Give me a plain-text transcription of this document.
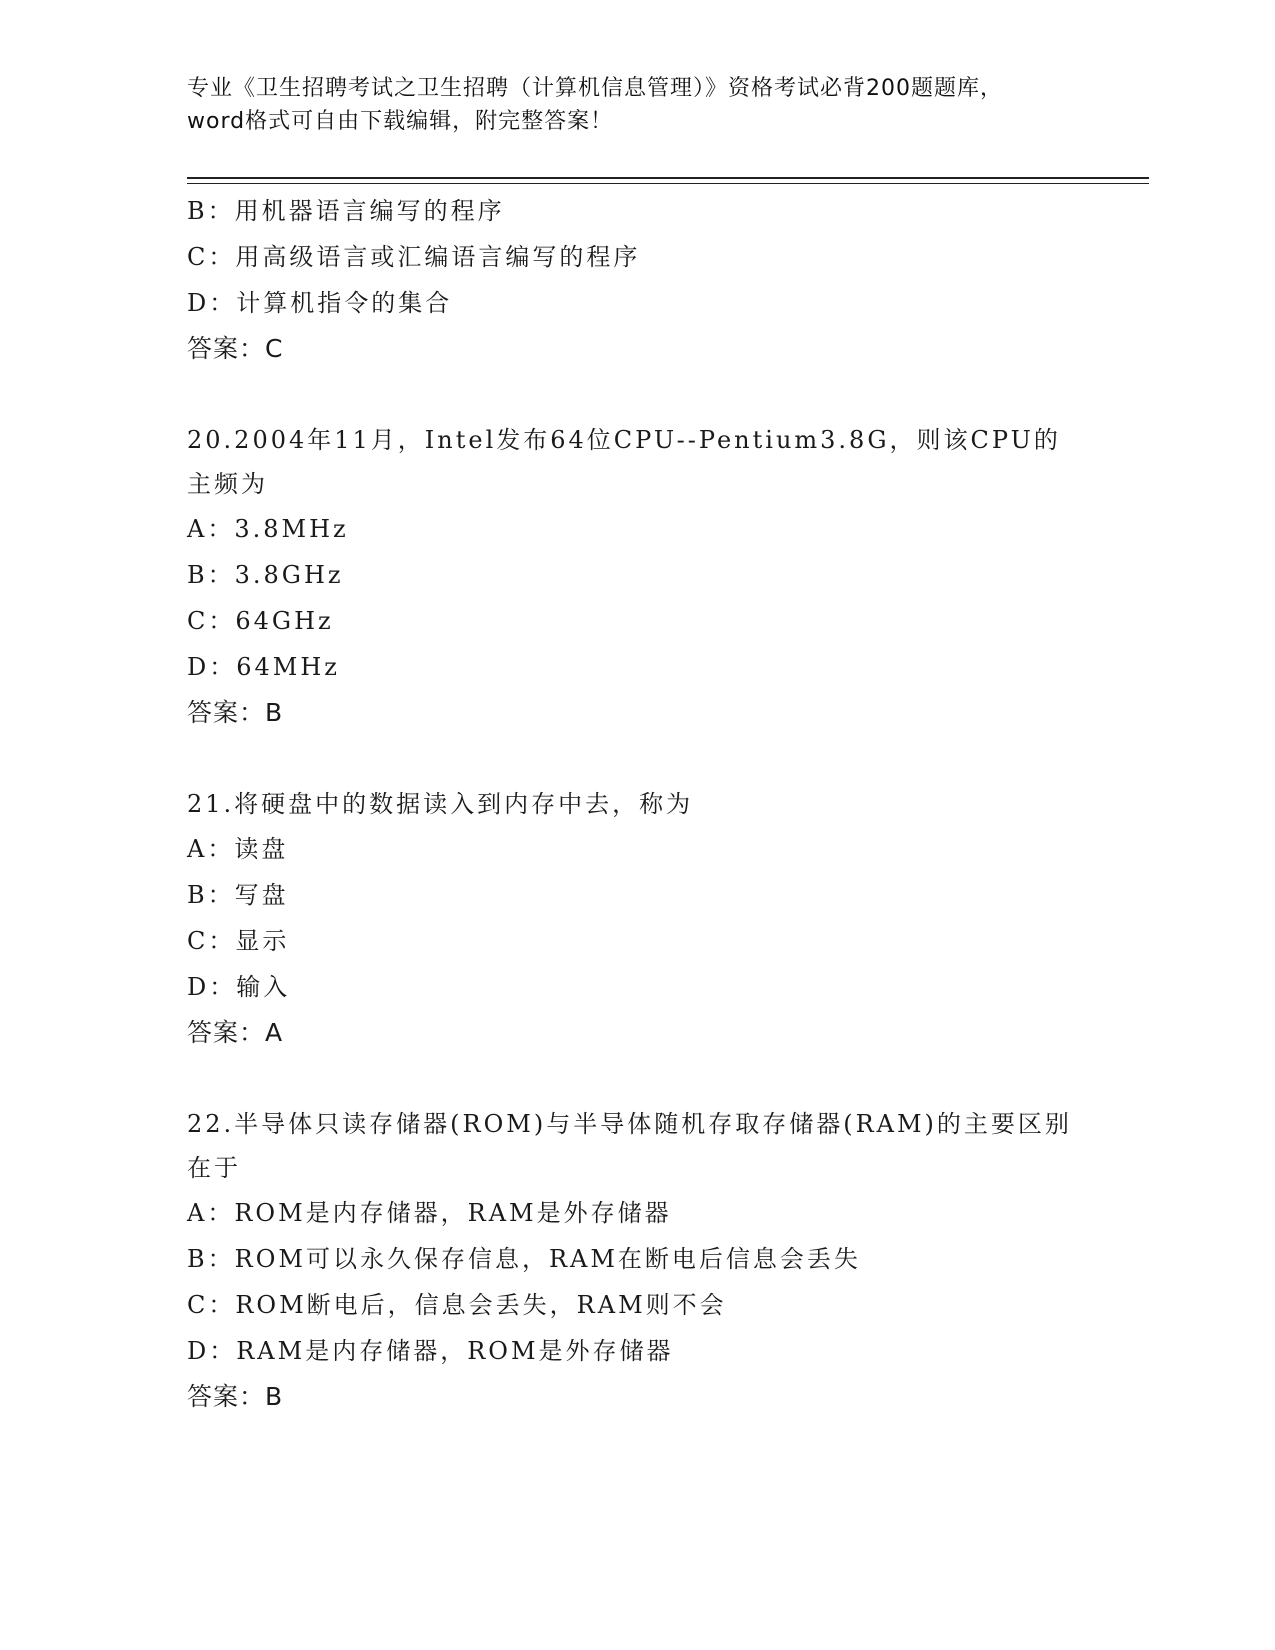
专业《卫生招聘考试之卫生招聘（计算机信息管理）》资格考试必背200题题库，
word格式可自由下载编辑，附完整答案！
B：用机器语言编写的程序
C：用高级语言或汇编语言编写的程序
D：计算机指令的集合
答案：C
20.2004年11月，Intel发布64位CPU--Pentium3.8G，则该CPU的主频为
A：3.8MHz
B：3.8GHz
C：64GHz
D：64MHz
答案：B
21.将硬盘中的数据读入到内存中去，称为
A：读盘
B：写盘
C：显示
D：输入
答案：A
22.半导体只读存储器(ROM)与半导体随机存取存储器(RAM)的主要区别在于
A：ROM是内存储器，RAM是外存储器
B：ROM可以永久保存信息，RAM在断电后信息会丢失
C：ROM断电后，信息会丢失，RAM则不会
D：RAM是内存储器，ROM是外存储器
答案：B
